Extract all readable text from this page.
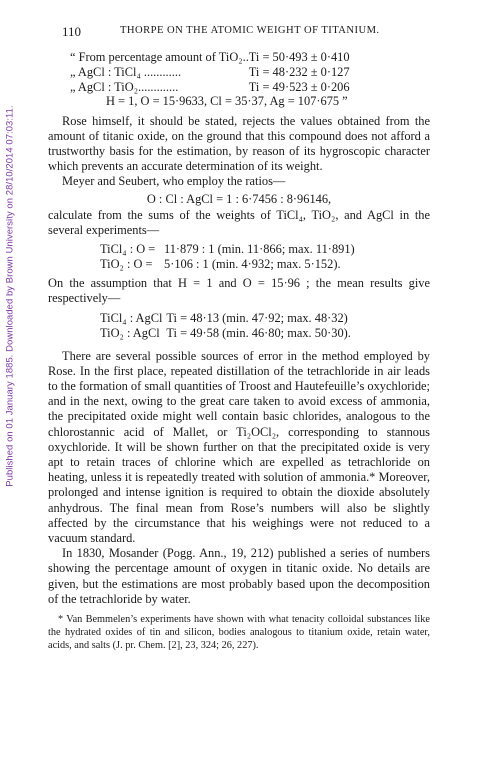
Published on 01 January 1885. Downloaded by Brown University on 28/10/2014 07:03:11.
110	THORPE ON THE ATOMIC WEIGHT OF TITANIUM.
“ From percentage amount of TiO₂..	Ti = 50·493 ± 0·410
„ AgCl : TiCl₄ ............	Ti = 48·232 ± 0·127
„ AgCl : TiO₂.............	Ti = 49·523 ± 0·206
H = 1, O = 15·9633, Cl = 35·37, Ag = 107·675 ”

Rose himself, it should be stated, rejects the values obtained from the amount of titanic oxide, on the ground that this compound does not afford a trustworthy basis for the estimation, by reason of its hygroscopic character which prevents an accurate determination of its weight.

Meyer and Seubert, who employ the ratios—

O : Cl : AgCl = 1 : 6·7456 : 8·96146,

calculate from the sums of the weights of TiCl₄, TiO₂, and AgCl in the several experiments—

TiCl₄ : O =	11·879 : 1 (min. 11·866; max. 11·891)
TiO₂ : O =	5·106 : 1 (min. 4·932; max. 5·152).

On the assumption that H = 1 and O = 15·96 ; the mean results give respectively—

TiCl₄ : AgCl	Ti = 48·13 (min. 47·92; max. 48·32)
TiO₂ : AgCl	Ti = 49·58 (min. 46·80; max. 50·30).

There are several possible sources of error in the method employed by Rose. In the first place, repeated distillation of the tetrachloride in air leads to the formation of small quantities of Troost and Hautefeuille’s oxychloride; and in the next, owing to the great care taken to avoid excess of ammonia, the precipitated oxide might well contain basic chlorides, analogous to the chlorostannic acid of Mallet, or Ti₂OCl₂, corresponding to stannous oxychloride. It will be shown further on that the precipitated oxide is very apt to retain traces of chlorine which are expelled as tetrachloride on heating, unless it is repeatedly treated with solution of ammonia.* Moreover, prolonged and intense ignition is required to obtain the dioxide absolutely anhydrous. The final mean from Rose’s numbers will also be slightly affected by the circumstance that his weighings were not reduced to a vacuum standard.

In 1830, Mosander (Pogg. Ann., 19, 212) published a series of numbers showing the percentage amount of oxygen in titanic oxide. No details are given, but the estimations are most probably based upon the decomposition of the tetrachloride by water.

* Van Bemmelen’s experiments have shown with what tenacity colloidal substances like the hydrated oxides of tin and silicon, bodies analogous to titanium oxide, retain water, acids, and salts (J. pr. Chem. [2], 23, 324; 26, 227).
